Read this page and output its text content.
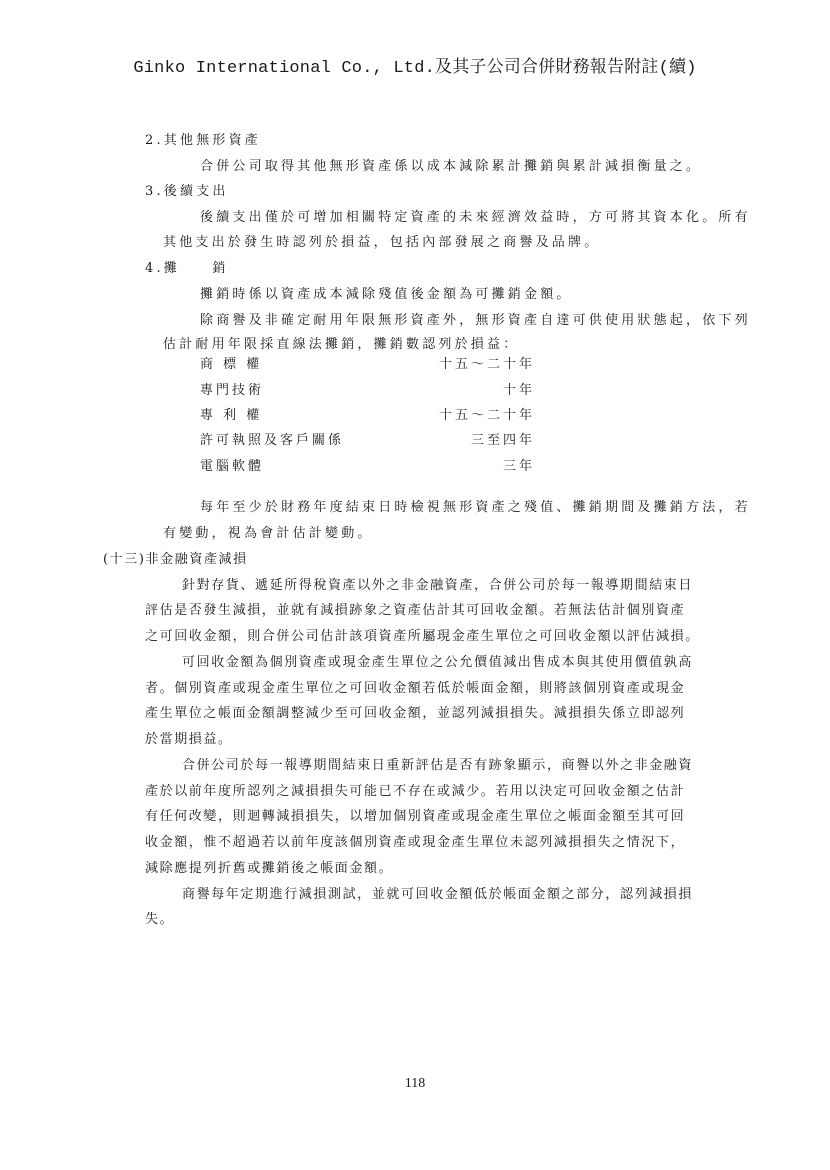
Ginko International Co., Ltd.及其子公司合併財務報告附註(續)
2.其他無形資產
合併公司取得其他無形資產係以成本減除累計攤銷與累計減損衡量之。
3.後續支出
後續支出僅於可增加相關特定資產的未來經濟效益時，方可將其資本化。所有
其他支出於發生時認列於損益，包括內部發展之商譽及品牌。
4.攤　　銷
攤銷時係以資產成本減除殘值後金額為可攤銷金額。
除商譽及非確定耐用年限無形資產外，無形資產自達可供使用狀態起，依下列
估計耐用年限採直線法攤銷，攤銷數認列於損益：
商 標 權	十五～二十年
專門技術	十年
專 利 權	十五～二十年
許可執照及客戶關係	三至四年
電腦軟體	三年
每年至少於財務年度結束日時檢視無形資產之殘值、攤銷期間及攤銷方法，若
有變動，視為會計估計變動。
(十三)非金融資產減損
針對存貨、遞延所得稅資產以外之非金融資產，合併公司於每一報導期間結束日
評估是否發生減損，並就有減損跡象之資產估計其可回收金額。若無法估計個別資產
之可回收金額，則合併公司估計該項資產所屬現金產生單位之可回收金額以評估減損。
可回收金額為個別資產或現金產生單位之公允價值減出售成本與其使用價值孰高
者。個別資產或現金產生單位之可回收金額若低於帳面金額，則將該個別資產或現金
產生單位之帳面金額調整減少至可回收金額，並認列減損損失。減損損失係立即認列
於當期損益。
合併公司於每一報導期間結束日重新評估是否有跡象顯示，商譽以外之非金融資
產於以前年度所認列之減損損失可能已不存在或減少。若用以決定可回收金額之估計
有任何改變，則迴轉減損損失，以增加個別資產或現金產生單位之帳面金額至其可回
收金額，惟不超過若以前年度該個別資產或現金產生單位未認列減損損失之情況下，
減除應提列折舊或攤銷後之帳面金額。
商譽每年定期進行減損測試，並就可回收金額低於帳面金額之部分，認列減損損
失。
118
